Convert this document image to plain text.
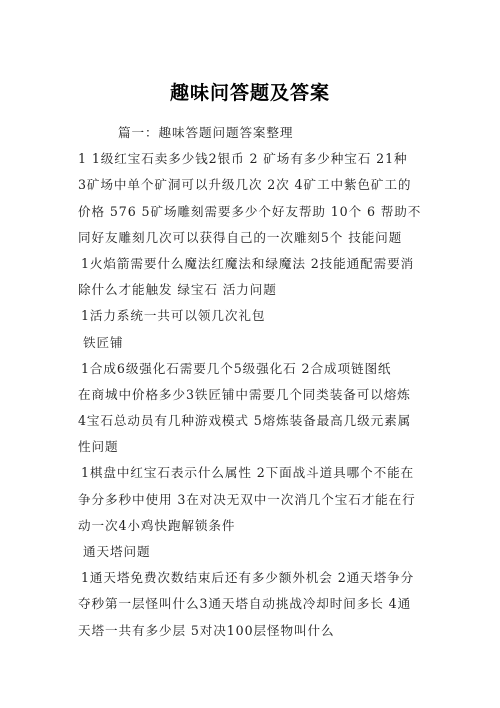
趣味问答题及答案
篇一：趣味答题问题答案整理
1 1级红宝石卖多少钱2银币 2 矿场有多少种宝石 21种
3矿场中单个矿洞可以升级几次 2次 4矿工中紫色矿工的
价格 576 5矿场雕刻需要多少个好友帮助 10个 6 帮助不
同好友雕刻几次可以获得自己的一次雕刻5个 技能问题
1火焰箭需要什么魔法红魔法和绿魔法 2技能通配需要消
除什么才能触发 绿宝石 活力问题
1活力系统一共可以领几次礼包
铁匠铺
1合成6级强化石需要几个5级强化石 2合成项链图纸
在商城中价格多少3铁匠铺中需要几个同类装备可以熔炼
4宝石总动员有几种游戏模式 5熔炼装备最高几级元素属
性问题
1棋盘中红宝石表示什么属性 2下面战斗道具哪个不能在
争分多秒中使用 3在对决无双中一次消几个宝石才能在行
动一次4小鸡快跑解锁条件
通天塔问题
1通天塔免费次数结束后还有多少额外机会 2通天塔争分
夺秒第一层怪叫什么3通天塔自动挑战冷却时间多长 4通
天塔一共有多少层 5对决100层怪物叫什么
